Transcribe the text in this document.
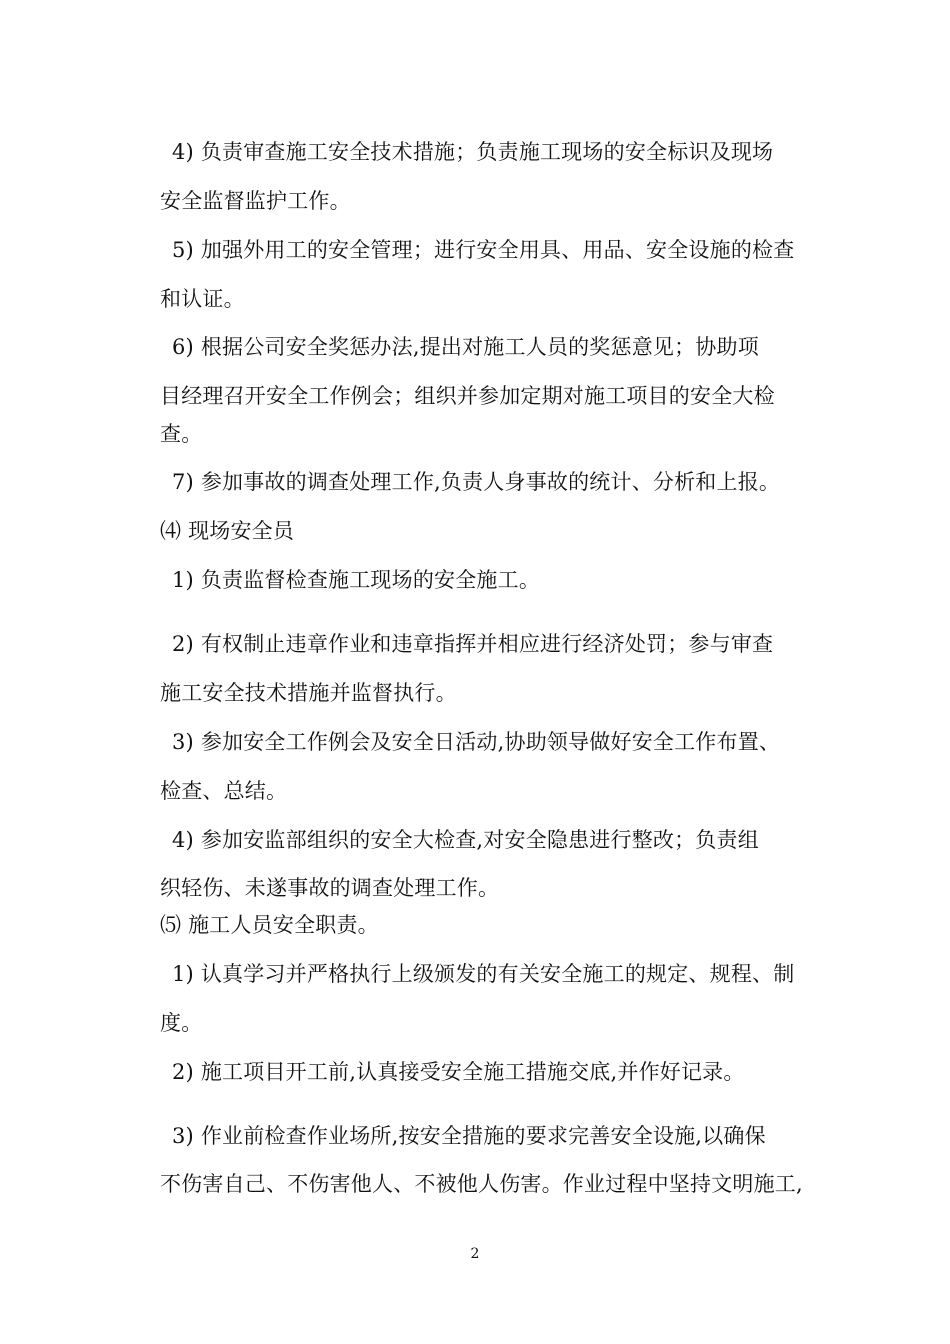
4) 负责审查施工安全技术措施；负责施工现场的安全标识及现场
安全监督监护工作。
5) 加强外用工的安全管理；进行安全用具、用品、安全设施的检查
和认证。
6) 根据公司安全奖惩办法,提出对施工人员的奖惩意见；协助项
目经理召开安全工作例会；组织并参加定期对施工项目的安全大检
查。
7) 参加事故的调查处理工作,负责人身事故的统计、分析和上报。
⑷ 现场安全员
1) 负责监督检查施工现场的安全施工。
2) 有权制止违章作业和违章指挥并相应进行经济处罚；参与审查
施工安全技术措施并监督执行。
3) 参加安全工作例会及安全日活动,协助领导做好安全工作布置、
检查、总结。
4) 参加安监部组织的安全大检查,对安全隐患进行整改；负责组
织轻伤、未遂事故的调查处理工作。
⑸ 施工人员安全职责。
1) 认真学习并严格执行上级颁发的有关安全施工的规定、规程、制
度。
2) 施工项目开工前,认真接受安全施工措施交底,并作好记录。
3) 作业前检查作业场所,按安全措施的要求完善安全设施,以确保
不伤害自己、不伤害他人、不被他人伤害。作业过程中坚持文明施工,
2
